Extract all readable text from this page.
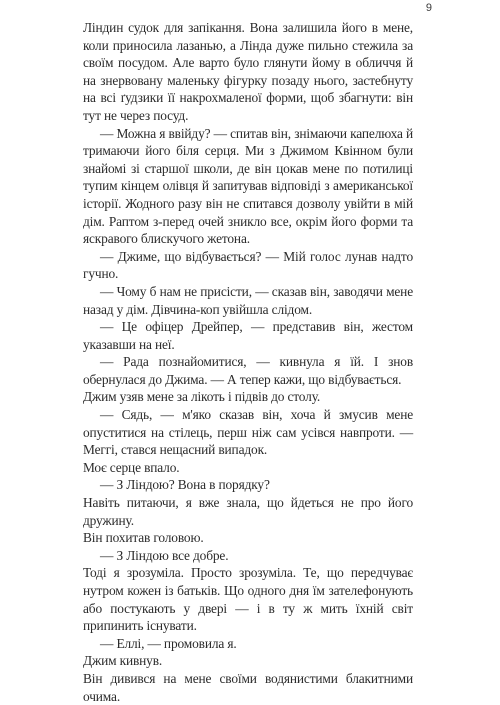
9

Ліндин судок для запікання. Вона залишила його в мене, коли приносила лазанью, а Лінда дуже пильно стежила за своїм посудом. Але варто було глянути йому в обличчя й на знервовану маленьку фігурку позаду нього, застебнуту на всі ґудзики її накрохмаленої форми, щоб збагнути: він тут не через посуд.

— Можна я ввійду? — спитав він, знімаючи капелюха й тримаючи його біля серця. Ми з Джимом Квінном були знайомі зі старшої школи, де він цокав мене по потилиці тупим кінцем олівця й запитував відповіді з американської історії. Жодного разу він не спитався дозволу увійти в мій дім. Раптом з-перед очей зникло все, окрім його форми та яскравого блискучого жетона.

— Джиме, що відбувається? — Мій голос лунав надто гучно.

— Чому б нам не присісти, — сказав він, заводячи мене назад у дім. Дівчина-коп увійшла слідом.

— Це офіцер Дрейпер, — представив він, жестом указавши на неї.

— Рада познайомитися, — кивнула я їй. І знов обернулася до Джима. — А тепер кажи, що відбувається.

Джим узяв мене за лікоть і підвів до столу.

— Сядь, — м'яко сказав він, хоча й змусив мене опуститися на стілець, перш ніж сам усівся навпроти. — Меггі, стався нещасний випадок.

Моє серце впало.

— З Ліндою? Вона в порядку?

Навіть питаючи, я вже знала, що йдеться не про його дружину.

Він похитав головою.

— З Ліндою все добре.

Тоді я зрозуміла. Просто зрозуміла. Те, що передчуває нутром кожен із батьків. Що одного дня їм зателефонують або постукають у двері — і в ту ж мить їхній світ припинить існувати.

— Еллі, — промовила я.

Джим кивнув.

Він дивився на мене своїми водянистими блакитними очима.
